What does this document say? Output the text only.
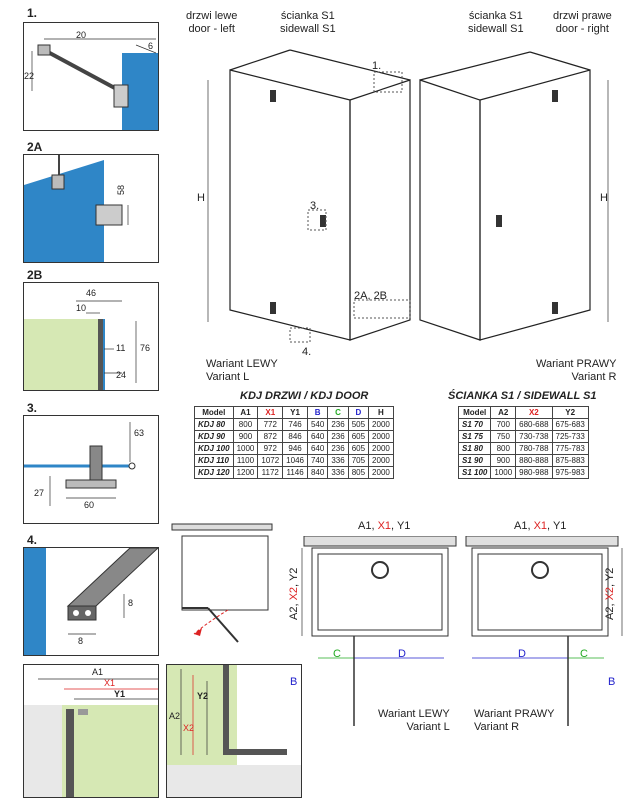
1.
20
6
22
2A
58
2B
46
10
76
11
24
3.
63
27
60
4.
8
8
A1
X1
Y1
A2
X2
Y2
drzwi lewe
door - left
ścianka S1
sidewall S1
ścianka S1
sidewall S1
drzwi prawe
door - right
H	H
1.
3.
4.
2A, 2B
Wariant LEWY
Variant L
Wariant PRAWY
Variant R
KDJ DRZWI / KDJ DOOR
Model	A1	X1	Y1	B	C	D	H
KDJ 80	800	772	746	540	236	505	2000
KDJ 90	900	872	846	640	236	605	2000
KDJ 100	1000	972	946	640	236	605	2000
KDJ 110	1100	1072	1046	740	336	705	2000
KDJ 120	1200	1172	1146	840	336	805	2000
ŚCIANKA S1 / SIDEWALL S1
Model	A2	X2	Y2
S1 70	700	680-688	675-683
S1 75	750	730-738	725-733
S1 80	800	780-788	775-783
S1 90	900	880-888	875-883
S1 100	1000	980-988	975-983
A1, X1, Y1	A1, X1, Y1
A2, X2, Y2
A2, X2, Y2
C	D	D	C
B	B
Wariant LEWY
Variant L
Wariant PRAWY
Variant R
